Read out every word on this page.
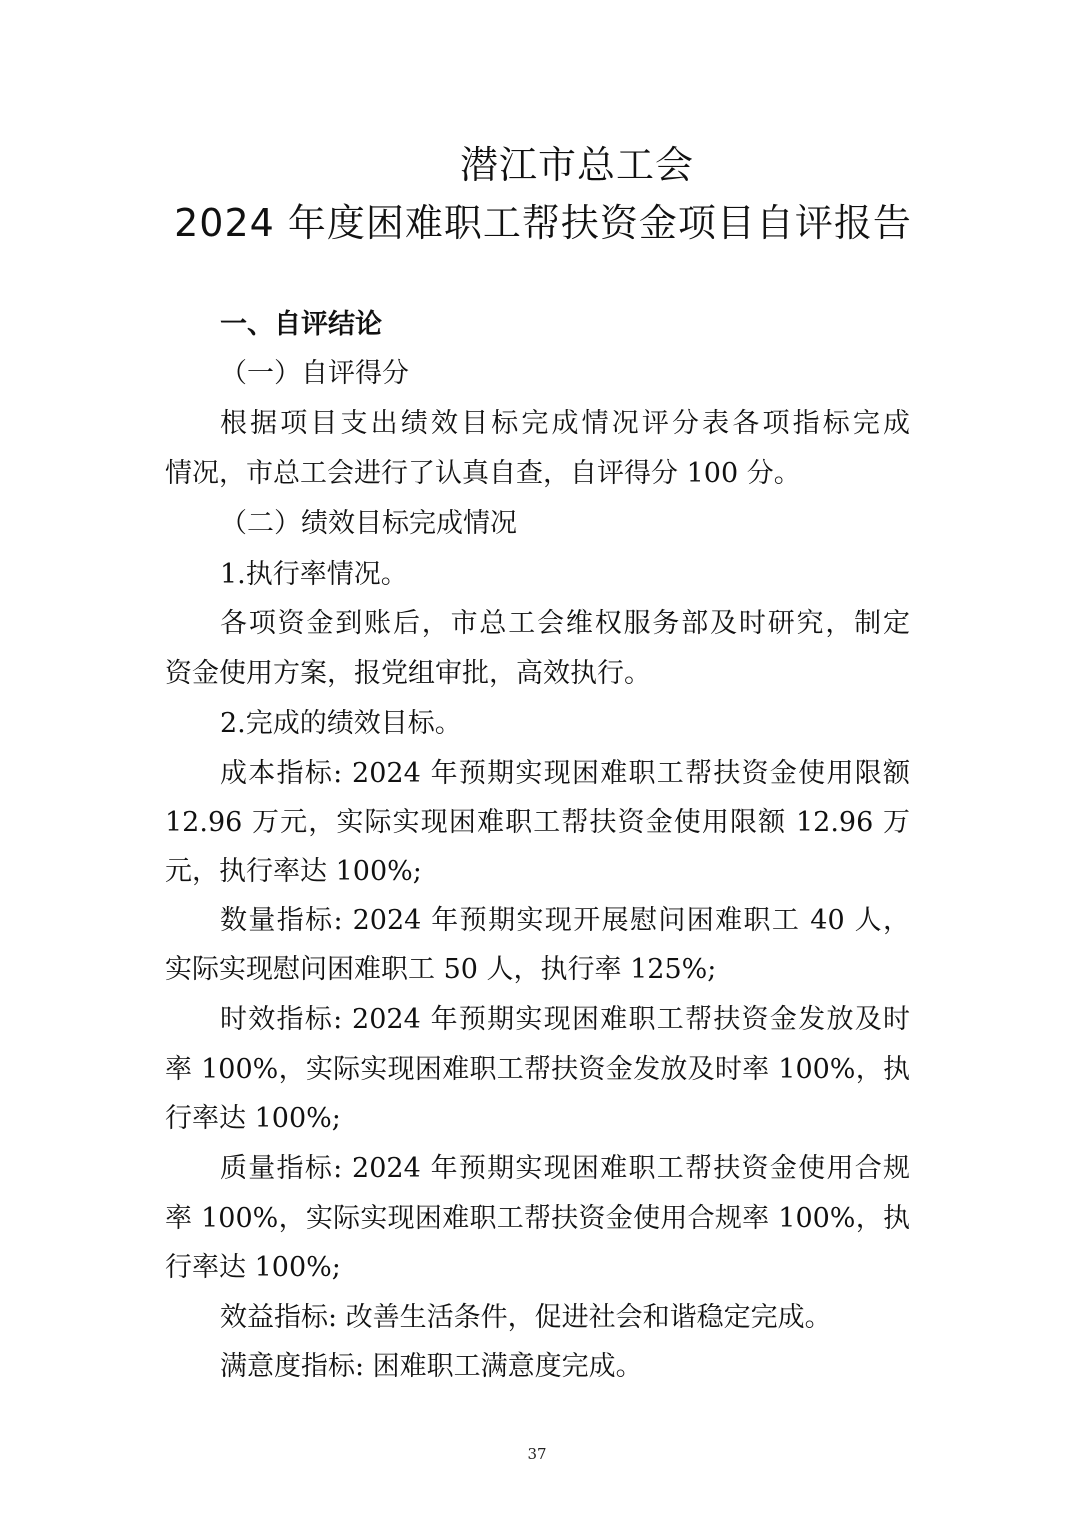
潜江市总工会
2024 年度困难职工帮扶资金项目自评报告
一、自评结论
（一）自评得分
根据项目支出绩效目标完成情况评分表各项指标完成
情况，市总工会进行了认真自查，自评得分 100 分。
（二）绩效目标完成情况
1.执行率情况。
各项资金到账后，市总工会维权服务部及时研究，制定
资金使用方案，报党组审批，高效执行。
2.完成的绩效目标。
成本指标: 2024 年预期实现困难职工帮扶资金使用限额
12.96 万元，实际实现困难职工帮扶资金使用限额 12.96 万
元，执行率达 100%;
数量指标: 2024 年预期实现开展慰问困难职工 40 人，
实际实现慰问困难职工 50 人，执行率 125%;
时效指标: 2024 年预期实现困难职工帮扶资金发放及时
率 100%，实际实现困难职工帮扶资金发放及时率 100%，执
行率达 100%;
质量指标: 2024 年预期实现困难职工帮扶资金使用合规
率 100%，实际实现困难职工帮扶资金使用合规率 100%，执
行率达 100%;
效益指标: 改善生活条件，促进社会和谐稳定完成。
满意度指标: 困难职工满意度完成。
37
